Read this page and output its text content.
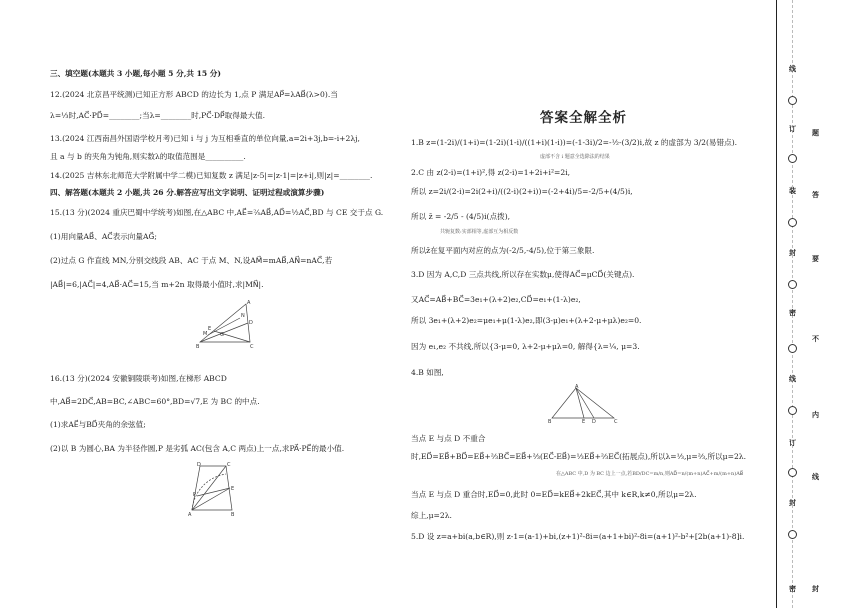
三、填空题(本题共 3 小题,每小题 5 分,共 15 分)
12.(2024 北京昌平统测)已知正方形 ABCD 的边长为 1,点 P 满足AP⃗=λAB⃗(λ>0).当
λ=⅓时,AC⃗·PD⃗=________;当λ=________时,PC⃗·DP⃗取得最大值.
13.(2024 江西南昌外国语学校月考)已知 i 与 j 为互相垂直的单位向量,a=2i+3j,b=-i+2λj,
且 a 与 b 的夹角为钝角,则实数λ的取值范围是__________.
14.(2025 吉林东北师范大学附属中学二模)已知复数 z 满足|z-5|=|z-1|=|z+i|,则|z|=________.
四、解答题(本题共 2 小题,共 26 分.解答应写出文字说明、证明过程或演算步骤)
15.(13 分)(2024 重庆巴蜀中学统考)如图,在△ABC 中,AE⃗=⅖AB⃗,AD⃗=½AC⃗,BD 与 CE 交于点 G.
(1)用向量AB⃗、AC⃗表示向量AG⃗;
(2)过点 G 作直线 MN,分别交线段 AB、AC 于点 M、N,设AM⃗=mAB⃗,AN⃗=nAC⃗,若
|AB⃗|=6,|AC⃗|=4,AB⃗·AC⃗=15,当 m+2n 取得最小值时,求|MN⃗|.
A
E
M	G
N
D
B	C
16.(13 分)(2024 安徽铜陵联考)如图,在梯形 ABCD
中,AB⃗=2DC⃗,AB=BC,∠ABC=60°,BD=√7,E 为 BC 的中点.
(1)求AE⃗与BD⃗夹角的余弦值;
(2)以 B 为圆心,BA 为半径作圆,P 是劣弧 AC(包含 A,C 两点)上一点,求PA⃗·PE⃗的最小值.
D	C
E
P
A	B
答案全解全析
1.B z=(1-2i)/(1+i)=(1-2i)(1-i)/((1+i)(1-i))=(-1-3i)/2=-½-(3/2)i,故 z 的虚部为 3/2(易错点).
虚部不含 i 题意全选除法的结果
2.C 由 z(2-i)=(1+i)²,得 z(2-i)=1+2i+i²=2i,
所以 z=2i/(2-i)=2i(2+i)/((2-i)(2+i))=(-2+4i)/5=-2/5+(4/5)i,
所以 z̄ = -2/5 - (4/5)i(点拨),
共轭复数:实部相等,虚部互为相反数
所以z̄在复平面内对应的点为(-2/5,-4/5),位于第三象限.
3.D 因为 A,C,D 三点共线,所以存在实数μ,使得AC⃗=μCD⃗(关键点).
又AC⃗=AB⃗+BC⃗=3e₁+(λ+2)e₂,CD⃗=e₁+(1-λ)e₂,
所以 3e₁+(λ+2)e₂=μe₁+μ(1-λ)e₂,即(3-μ)e₁+(λ+2-μ+μλ)e₂=0.
因为 e₁,e₂ 不共线,所以{3-μ=0, λ+2-μ+μλ=0, 解得{λ=¼, μ=3.
4.B 如图,
A
B	E D	C
当点 E 与点 D 不重合
时,ED⃗=EB⃗+BD⃗=EB⃗+⅔BC⃗=EB⃗+⅔(EC⃗-EB⃗)=⅓EB⃗+⅔EC⃗(拓展点),所以λ=⅓,μ=⅔,所以μ=2λ.
在△ABC 中,D 为 BC 边上一点,若BD/DC=m/n,则AD⃗=n/(m+n)AC⃗+m/(m+n)AB⃗
当点 E 与点 D 重合时,ED⃗=0,此时 0=ED⃗=kEB⃗+2kEC⃗,其中 k∈R,k≠0,所以μ=2λ.
综上,μ=2λ.
5.D 设 z=a+bi(a,b∈R),则 z-1=(a-1)+bi,(z+1)²-8i=(a+1+bi)²-8i=(a+1)²-b²+[2b(a+1)-8]i.
线
订 题
装 答
封
要
密
不
线
内
订
线
封
密 封
